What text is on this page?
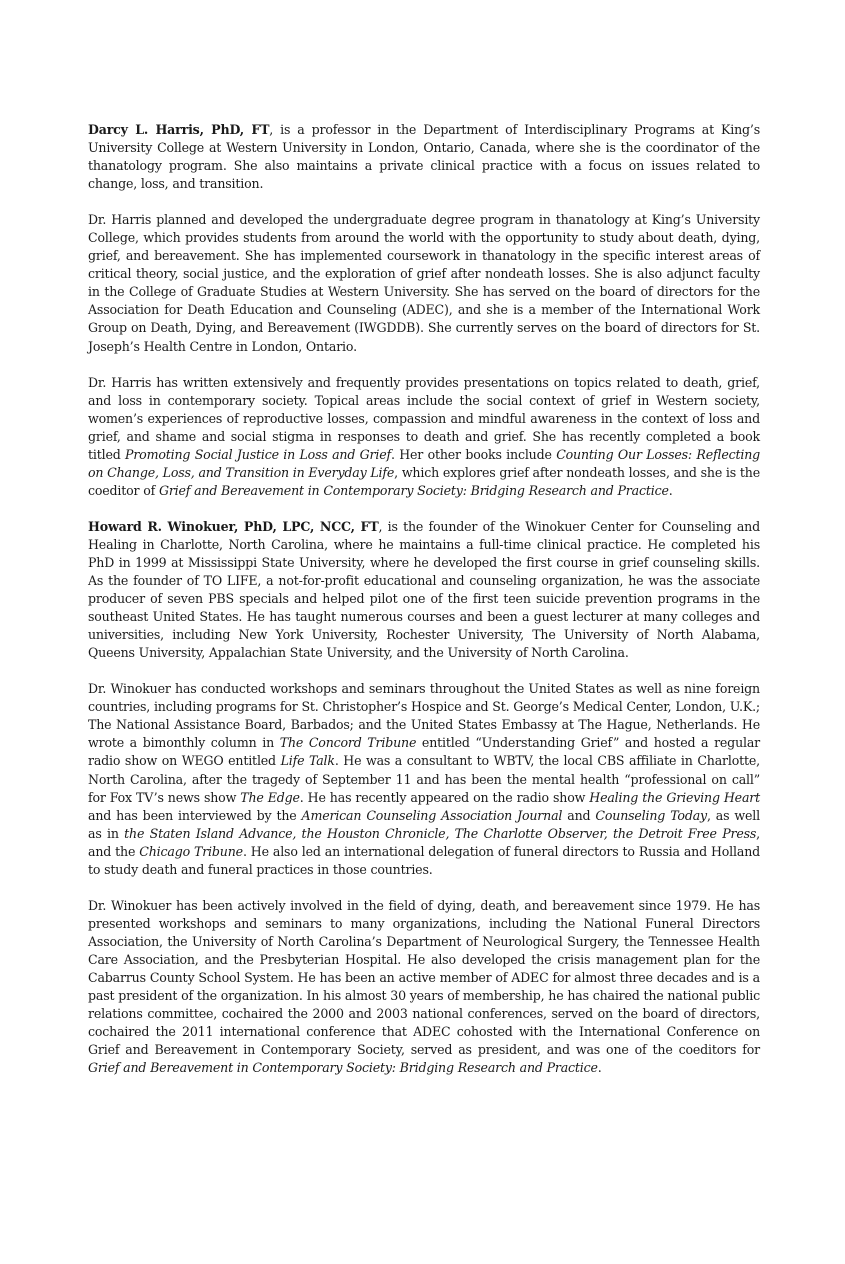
Darcy L. Harris, PhD, FT, is a professor in the Department of Interdisciplinary Programs at King’s University College at Western University in London, Ontario, Canada, where she is the coordinator of the thanatology program. She also maintains a private clinical practice with a focus on issues related to change, loss, and transition.

Dr. Harris planned and developed the undergraduate degree program in thanatology at King’s University College, which provides students from around the world with the opportunity to study about death, dying, grief, and bereavement. She has implemented coursework in thanatology in the specific interest areas of critical theory, social justice, and the exploration of grief after nondeath losses. She is also adjunct faculty in the College of Graduate Studies at Western University. She has served on the board of directors for the Association for Death Education and Counseling (ADEC), and she is a member of the International Work Group on Death, Dying, and Bereavement (IWGDDB). She currently serves on the board of directors for St. Joseph’s Health Centre in London, Ontario.

Dr. Harris has written extensively and frequently provides presentations on topics related to death, grief, and loss in contemporary society. Topical areas include the social context of grief in Western society, women’s experiences of reproductive losses, compassion and mindful awareness in the context of loss and grief, and shame and social stigma in responses to death and grief. She has recently completed a book titled Promoting Social Justice in Loss and Grief. Her other books include Counting Our Losses: Reflecting on Change, Loss, and Transition in Everyday Life, which explores grief after nondeath losses, and she is the coeditor of Grief and Bereavement in Contemporary Society: Bridging Research and Practice.

Howard R. Winokuer, PhD, LPC, NCC, FT, is the founder of the Winokuer Center for Counseling and Healing in Charlotte, North Carolina, where he maintains a full-time clinical practice. He completed his PhD in 1999 at Mississippi State University, where he developed the first course in grief counseling skills. As the founder of TO LIFE, a not-for-profit educational and counseling organization, he was the associate producer of seven PBS specials and helped pilot one of the first teen suicide prevention programs in the southeast United States. He has taught numerous courses and been a guest lecturer at many colleges and universities, including New York University, Rochester University, The University of North Alabama, Queens University, Appalachian State University, and the University of North Carolina.

Dr. Winokuer has conducted workshops and seminars throughout the United States as well as nine foreign countries, including programs for St. Christopher’s Hospice and St. George’s Medical Center, London, U.K.; The National Assistance Board, Barbados; and the United States Embassy at The Hague, Netherlands. He wrote a bimonthly column in The Concord Tribune entitled “Understanding Grief” and hosted a regular radio show on WEGO entitled Life Talk. He was a consultant to WBTV, the local CBS affiliate in Charlotte, North Carolina, after the tragedy of September 11 and has been the mental health “professional on call” for Fox TV’s news show The Edge. He has recently appeared on the radio show Healing the Grieving Heart and has been interviewed by the American Counseling Association Journal and Counseling Today, as well as in the Staten Island Advance, the Houston Chronicle, The Charlotte Observer, the Detroit Free Press, and the Chicago Tribune. He also led an international delegation of funeral directors to Russia and Holland to study death and funeral practices in those countries.

Dr. Winokuer has been actively involved in the field of dying, death, and bereavement since 1979. He has presented workshops and seminars to many organizations, including the National Funeral Directors Association, the University of North Carolina’s Department of Neurological Surgery, the Tennessee Health Care Association, and the Presbyterian Hospital. He also developed the crisis management plan for the Cabarrus County School System. He has been an active member of ADEC for almost three decades and is a past president of the organization. In his almost 30 years of membership, he has chaired the national public relations committee, cochaired the 2000 and 2003 national conferences, served on the board of directors, cochaired the 2011 international conference that ADEC cohosted with the International Conference on Grief and Bereavement in Contemporary Society, served as president, and was one of the coeditors for Grief and Bereavement in Contemporary Society: Bridging Research and Practice.
